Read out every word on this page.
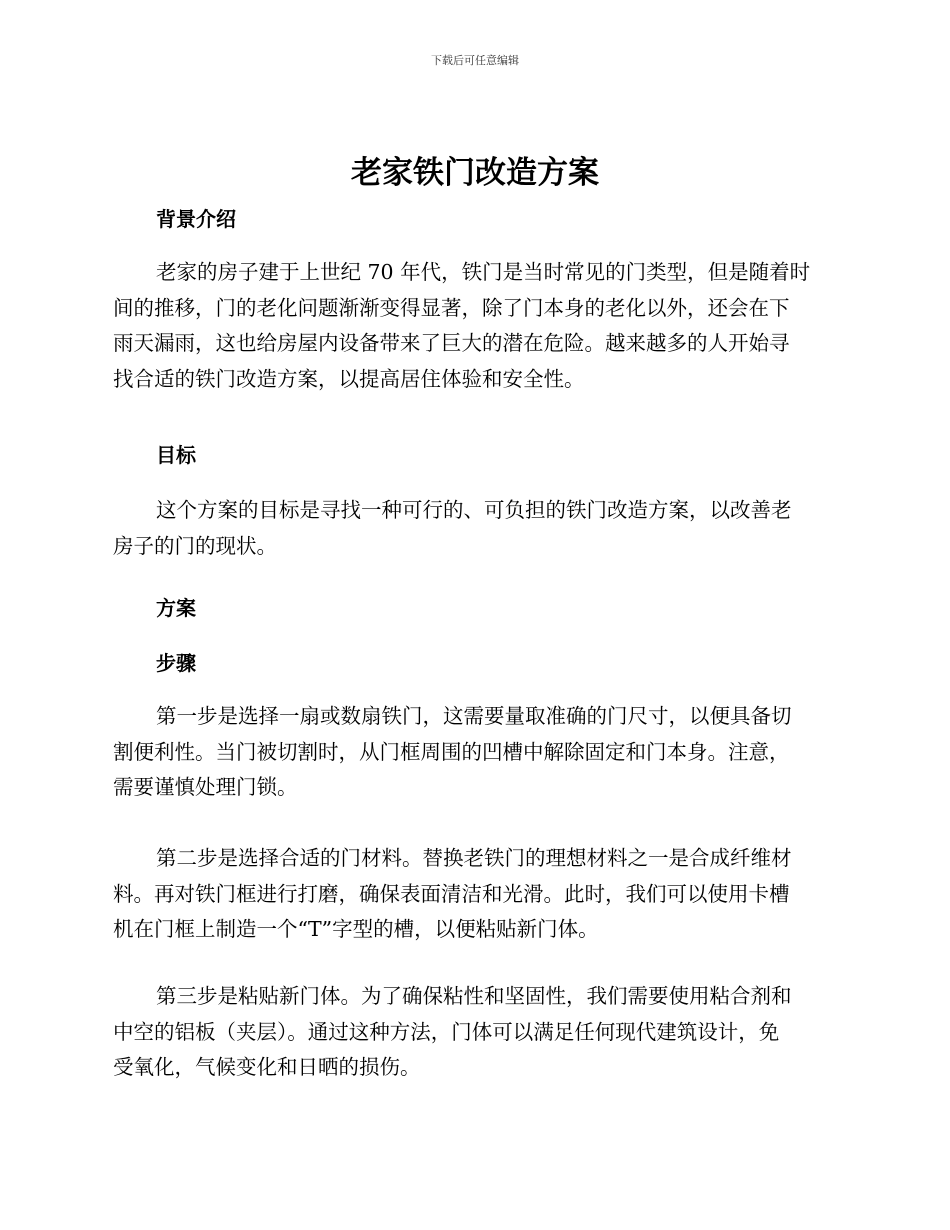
下载后可任意编辑
老家铁门改造方案
背景介绍
老家的房子建于上世纪 70 年代，铁门是当时常见的门类型，但是随着时
间的推移，门的老化问题渐渐变得显著，除了门本身的老化以外，还会在下
雨天漏雨，这也给房屋内设备带来了巨大的潜在危险。越来越多的人开始寻
找合适的铁门改造方案，以提高居住体验和安全性。
目标
这个方案的目标是寻找一种可行的、可负担的铁门改造方案，以改善老
房子的门的现状。
方案
步骤
第一步是选择一扇或数扇铁门，这需要量取准确的门尺寸，以便具备切
割便利性。当门被切割时，从门框周围的凹槽中解除固定和门本身。注意，
需要谨慎处理门锁。
第二步是选择合适的门材料。替换老铁门的理想材料之一是合成纤维材
料。再对铁门框进行打磨，确保表面清洁和光滑。此时，我们可以使用卡槽
机在门框上制造一个“T”字型的槽，以便粘贴新门体。
第三步是粘贴新门体。为了确保粘性和坚固性，我们需要使用粘合剂和
中空的铝板（夹层）。通过这种方法，门体可以满足任何现代建筑设计，免
受氧化，气候变化和日晒的损伤。
